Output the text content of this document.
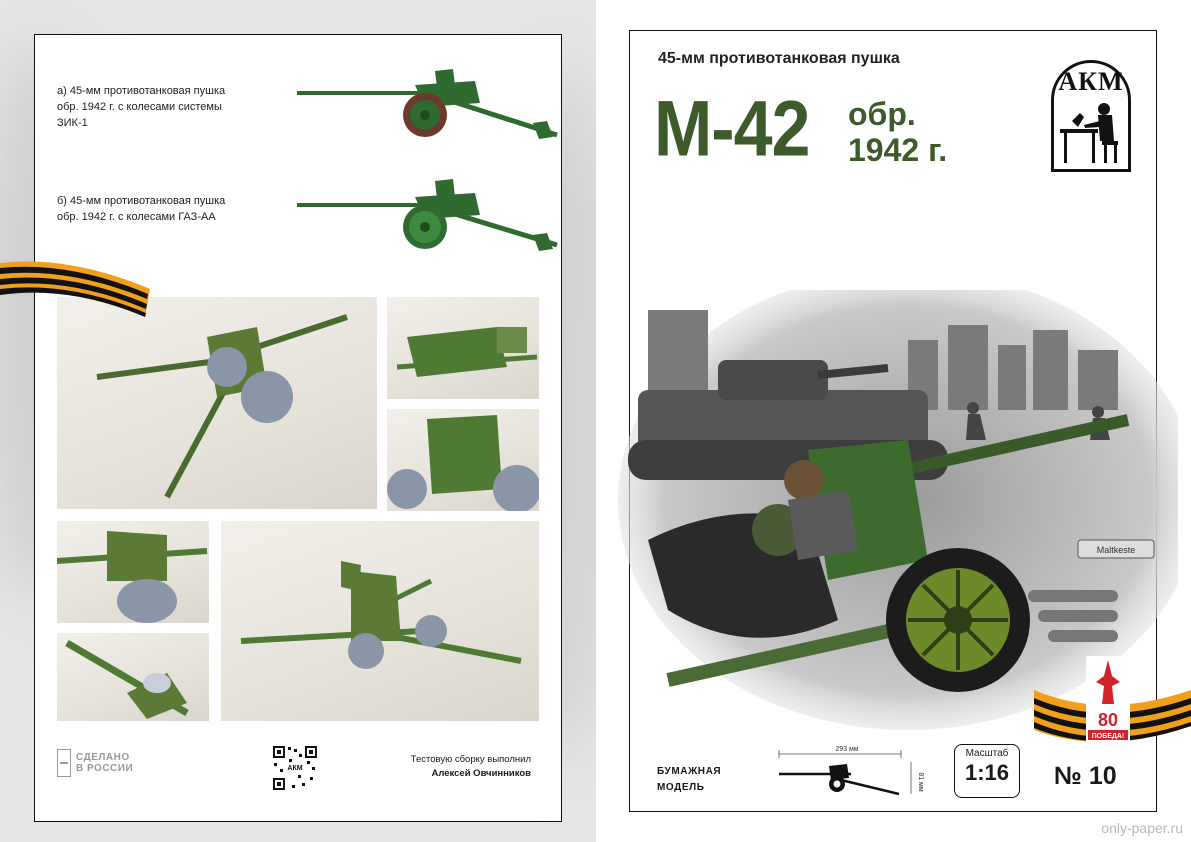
а) 45-мм противотанковая пушка
обр. 1942 г. с колесами системы
ЗИК-1
б) 45-мм противотанковая пушка
обр. 1942 г. с колесами ГАЗ-АА
СДЕЛАНО
В РОССИИ	АКМ
Тестовую сборку выполнил
Алексей Овчинников
45-мм противотанковая пушка
М-42 обр.
1942 г.
АКМ
Maltkeste
БУМАЖНАЯ
МОДЕЛЬ
293 мм
81 мм
Масштаб
1:16	№ 10
80
ПОБЕДА!
only-paper.ru
